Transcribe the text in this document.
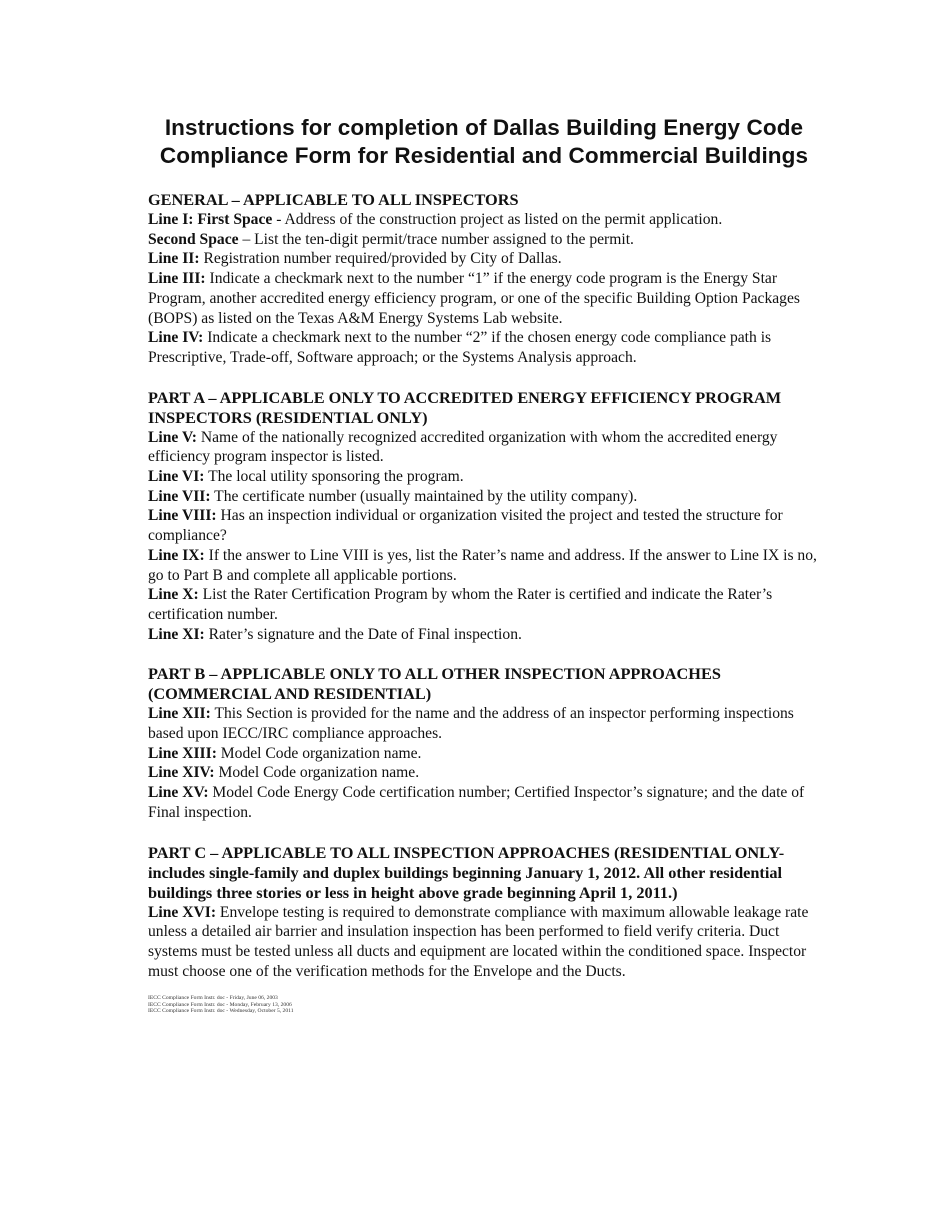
Instructions for completion of Dallas Building Energy Code Compliance Form for Residential and Commercial Buildings

GENERAL – APPLICABLE TO ALL INSPECTORS

Line I: First Space - Address of the construction project as listed on the permit application.

Second Space – List the ten-digit permit/trace number assigned to the permit.

Line II: Registration number required/provided by City of Dallas.

Line III: Indicate a checkmark next to the number “1” if the energy code program is the Energy Star Program, another accredited energy efficiency program, or one of the specific Building Option Packages (BOPS) as listed on the Texas A&M Energy Systems Lab website.

Line IV: Indicate a checkmark next to the number “2” if the chosen energy code compliance path is Prescriptive, Trade-off, Software approach; or the Systems Analysis approach.

PART A – APPLICABLE ONLY TO ACCREDITED ENERGY EFFICIENCY PROGRAM INSPECTORS (RESIDENTIAL ONLY)

Line V: Name of the nationally recognized accredited organization with whom the accredited energy efficiency program inspector is listed.

Line VI: The local utility sponsoring the program.

Line VII: The certificate number (usually maintained by the utility company).

Line VIII: Has an inspection individual or organization visited the project and tested the structure for compliance?

Line IX: If the answer to Line VIII is yes, list the Rater’s name and address. If the answer to Line IX is no, go to Part B and complete all applicable portions.

Line X: List the Rater Certification Program by whom the Rater is certified and indicate the Rater’s certification number.

Line XI: Rater’s signature and the Date of Final inspection.

PART B – APPLICABLE ONLY TO ALL OTHER INSPECTION APPROACHES (COMMERCIAL AND RESIDENTIAL)

Line XII: This Section is provided for the name and the address of an inspector performing inspections based upon IECC/IRC compliance approaches.

Line XIII: Model Code organization name.

Line XIV: Model Code organization name.

Line XV: Model Code Energy Code certification number; Certified Inspector’s signature; and the date of Final inspection.

PART C – APPLICABLE TO ALL INSPECTION APPROACHES (RESIDENTIAL ONLY-includes single-family and duplex buildings beginning January 1, 2012. All other residential buildings three stories or less in height above grade beginning April 1, 2011.)

Line XVI: Envelope testing is required to demonstrate compliance with maximum allowable leakage rate unless a detailed air barrier and insulation inspection has been performed to field verify criteria. Duct systems must be tested unless all ducts and equipment are located within the conditioned space. Inspector must choose one of the verification methods for the Envelope and the Ducts.

IECC Compliance Form Instr. doc - Friday, June 06, 2003
IECC Compliance Form Instr. doc - Monday, February 13, 2006
IECC Compliance Form Instr. doc - Wednesday, October 5, 2011
